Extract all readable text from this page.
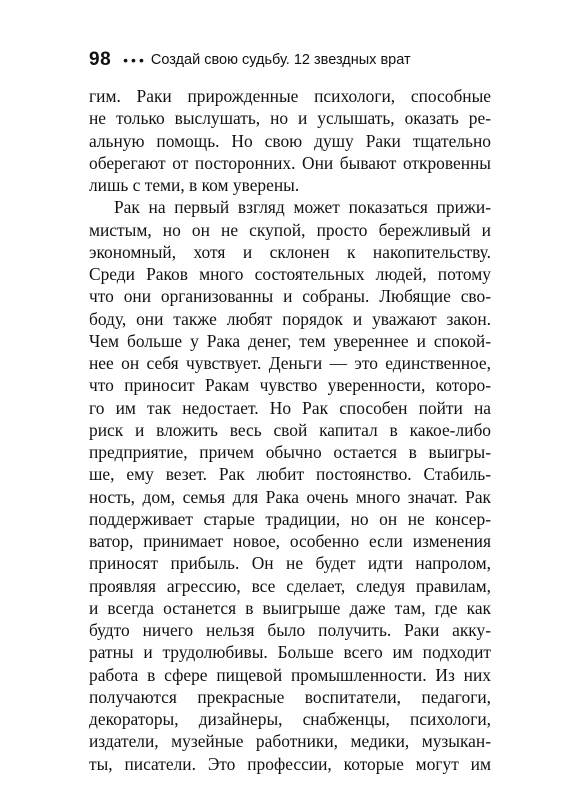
98 ••• Создай свою судьбу. 12 звездных врат
гим. Раки прирожденные психологи, способные
не только выслушать, но и услышать, оказать ре-
альную помощь. Но свою душу Раки тщательно
оберегают от посторонних. Они бывают откровенны
лишь с теми, в ком уверены.
Рак на первый взгляд может показаться прижи-
мистым, но он не скупой, просто бережливый и
экономный, хотя и склонен к накопительству.
Среди Раков много состоятельных людей, потому
что они организованны и собраны. Любящие сво-
боду, они также любят порядок и уважают закон.
Чем больше у Рака денег, тем увереннее и спокой-
нее он себя чувствует. Деньги — это единственное,
что приносит Ракам чувство уверенности, которо-
го им так недостает. Но Рак способен пойти на
риск и вложить весь свой капитал в какое-либо
предприятие, причем обычно остается в выигры-
ше, ему везет. Рак любит постоянство. Стабиль-
ность, дом, семья для Рака очень много значат. Рак
поддерживает старые традиции, но он не консер-
ватор, принимает новое, особенно если изменения
приносят прибыль. Он не будет идти напролом,
проявляя агрессию, все сделает, следуя правилам,
и всегда останется в выигрыше даже там, где как
будто ничего нельзя было получить. Раки акку-
ратны и трудолюбивы. Больше всего им подходит
работа в сфере пищевой промышленности. Из них
получаются прекрасные воспитатели, педагоги,
декораторы, дизайнеры, снабженцы, психологи,
издатели, музейные работники, медики, музыкан-
ты, писатели. Это профессии, которые могут им
